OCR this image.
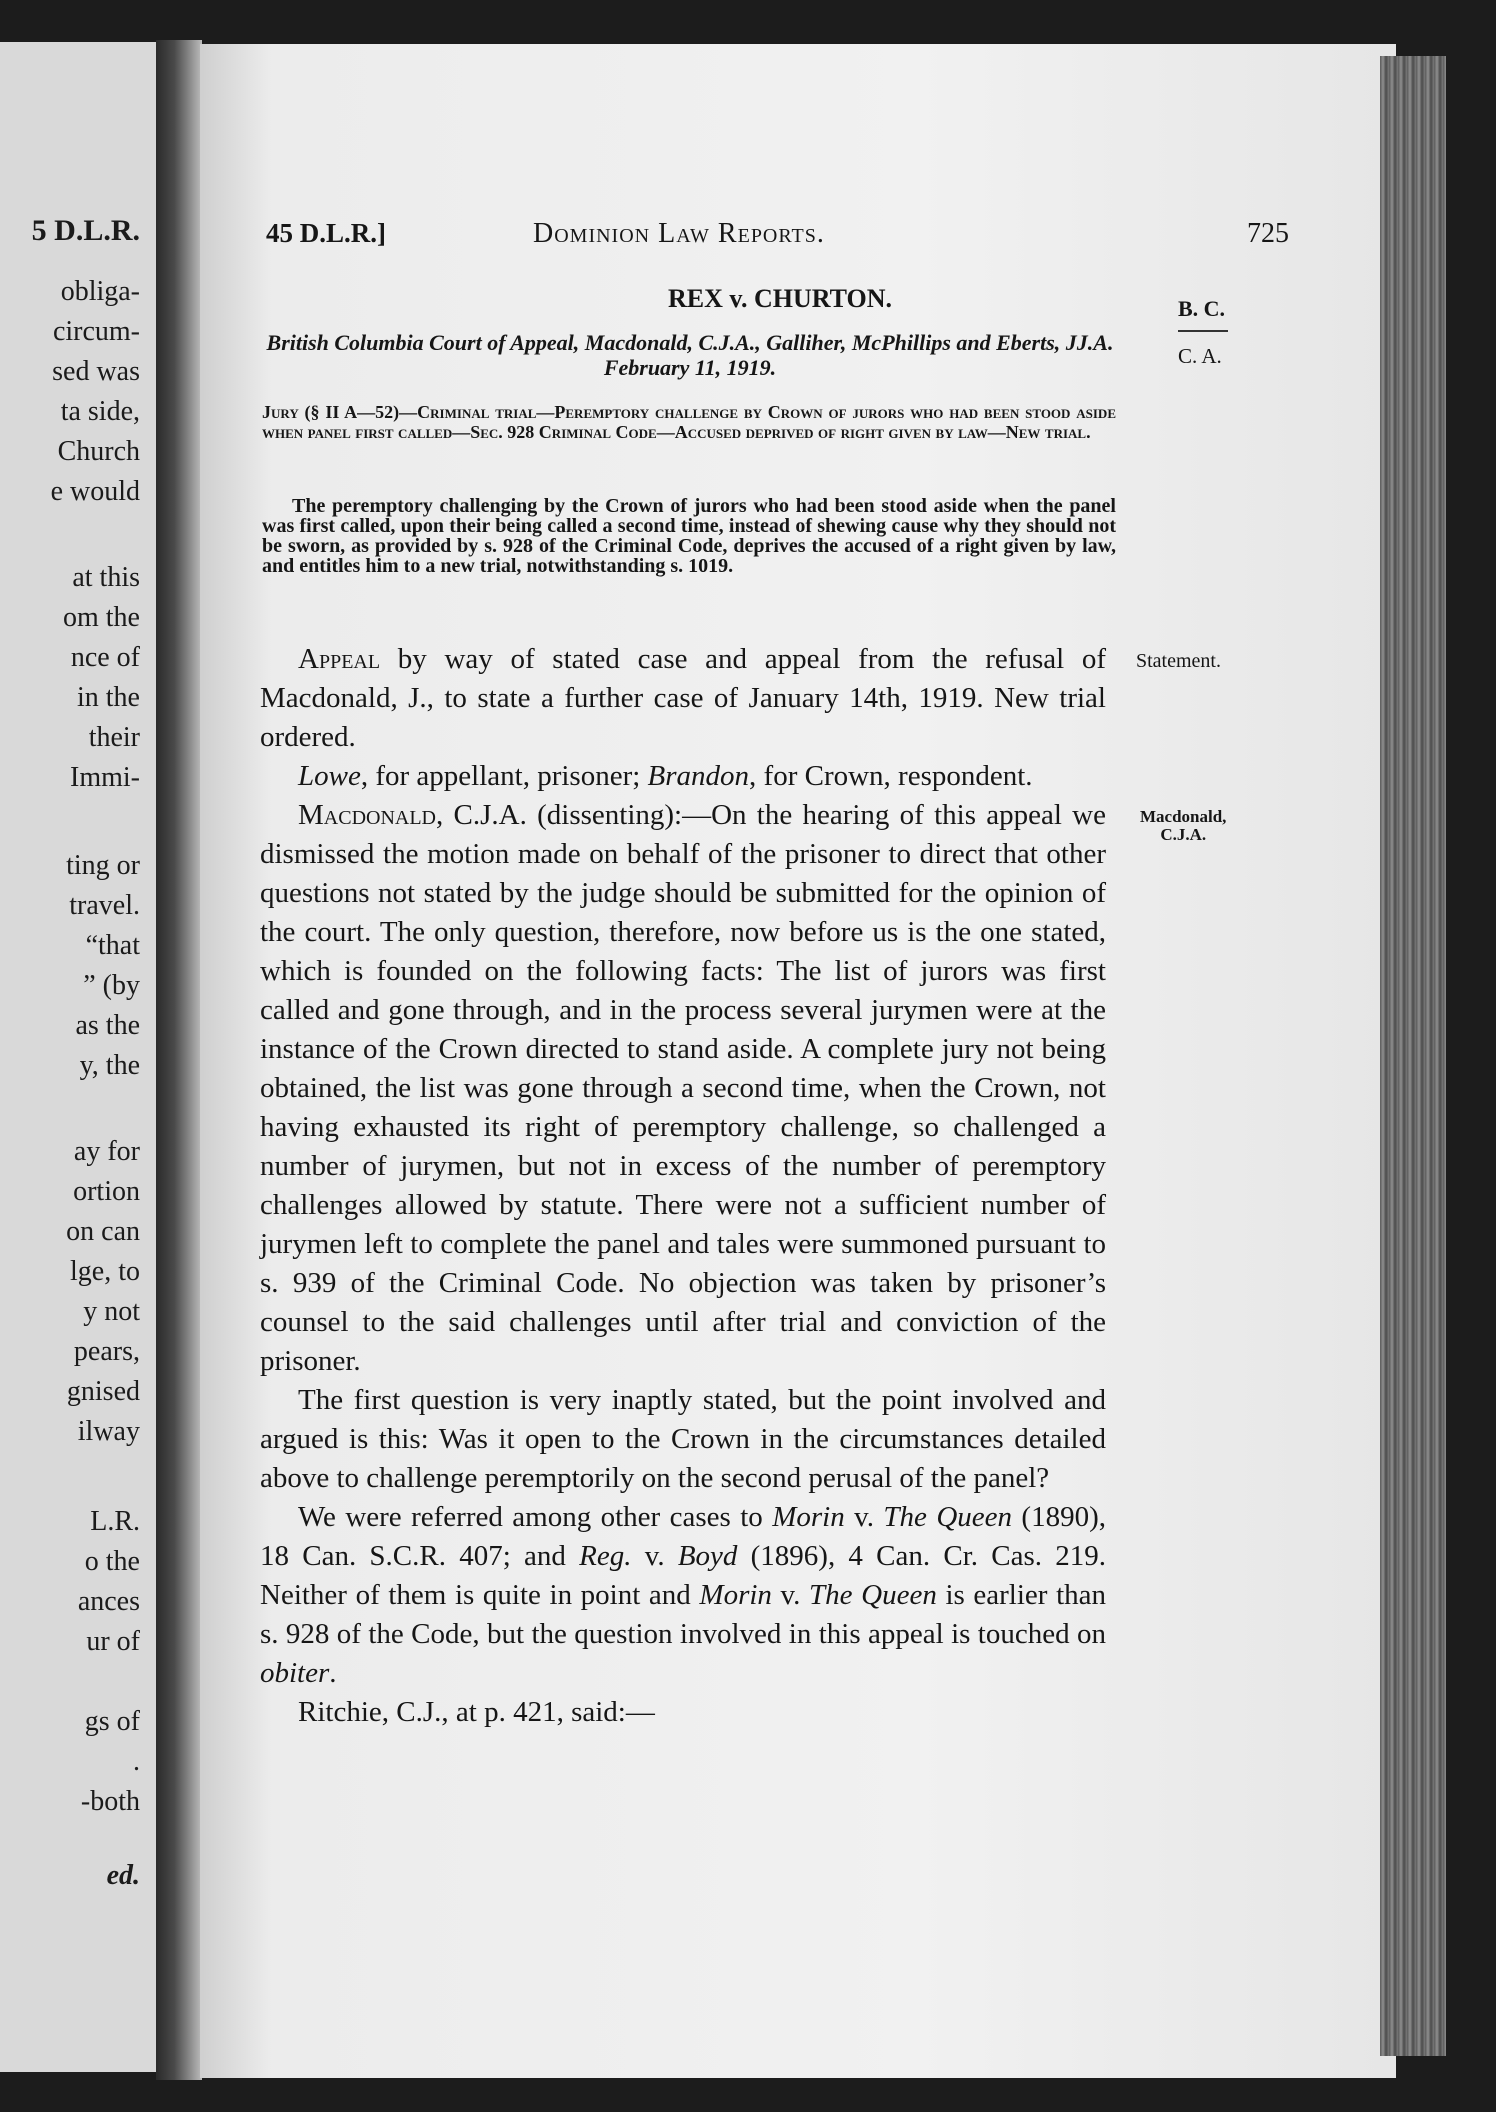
5 D.L.R.
obliga-
circum-
sed was
ta side,
Church
e would
at this
om the
nce of
in the
their
Immi-
ting or
travel.
“that
” (by
as the
y, the
ay for
ortion
on can
lge, to
y not
pears,
gnised
ilway
L.R.
o the
ances
ur of
gs of
.
-both
ed.
45 D.L.R.]	Dominion Law Reports.	725
REX v. CHURTON.
British Columbia Court of Appeal, Macdonald, C.J.A., Galliher, McPhillips and Eberts, JJ.A. February 11, 1919.
Jury (§ II A—52)—Criminal trial—Peremptory challenge by Crown of jurors who had been stood aside when panel first called—Sec. 928 Criminal Code—Accused deprived of right given by law—New trial.
The peremptory challenging by the Crown of jurors who had been stood aside when the panel was first called, upon their being called a second time, instead of shewing cause why they should not be sworn, as provided by s. 928 of the Criminal Code, deprives the accused of a right given by law, and entitles him to a new trial, notwithstanding s. 1019.
B. C.
C. A.
Statement.
Macdonald,
C.J.A.

Appeal by way of stated case and appeal from the refusal of Macdonald, J., to state a further case of January 14th, 1919. New trial ordered.

Lowe, for appellant, prisoner; Brandon, for Crown, respondent.

Macdonald, C.J.A. (dissenting):—On the hearing of this appeal we dismissed the motion made on behalf of the prisoner to direct that other questions not stated by the judge should be submitted for the opinion of the court. The only question, therefore, now before us is the one stated, which is founded on the following facts: The list of jurors was first called and gone through, and in the process several jurymen were at the instance of the Crown directed to stand aside. A complete jury not being obtained, the list was gone through a second time, when the Crown, not having exhausted its right of peremptory challenge, so challenged a number of jurymen, but not in excess of the number of peremptory challenges allowed by statute. There were not a sufficient number of jurymen left to complete the panel and tales were summoned pursuant to s. 939 of the Criminal Code. No objection was taken by prisoner’s counsel to the said challenges until after trial and conviction of the prisoner.

The first question is very inaptly stated, but the point involved and argued is this: Was it open to the Crown in the circumstances detailed above to challenge peremptorily on the second perusal of the panel?

We were referred among other cases to Morin v. The Queen (1890), 18 Can. S.C.R. 407; and Reg. v. Boyd (1896), 4 Can. Cr. Cas. 219. Neither of them is quite in point and Morin v. The Queen is earlier than s. 928 of the Code, but the question involved in this appeal is touched on obiter.

Ritchie, C.J., at p. 421, said:—
